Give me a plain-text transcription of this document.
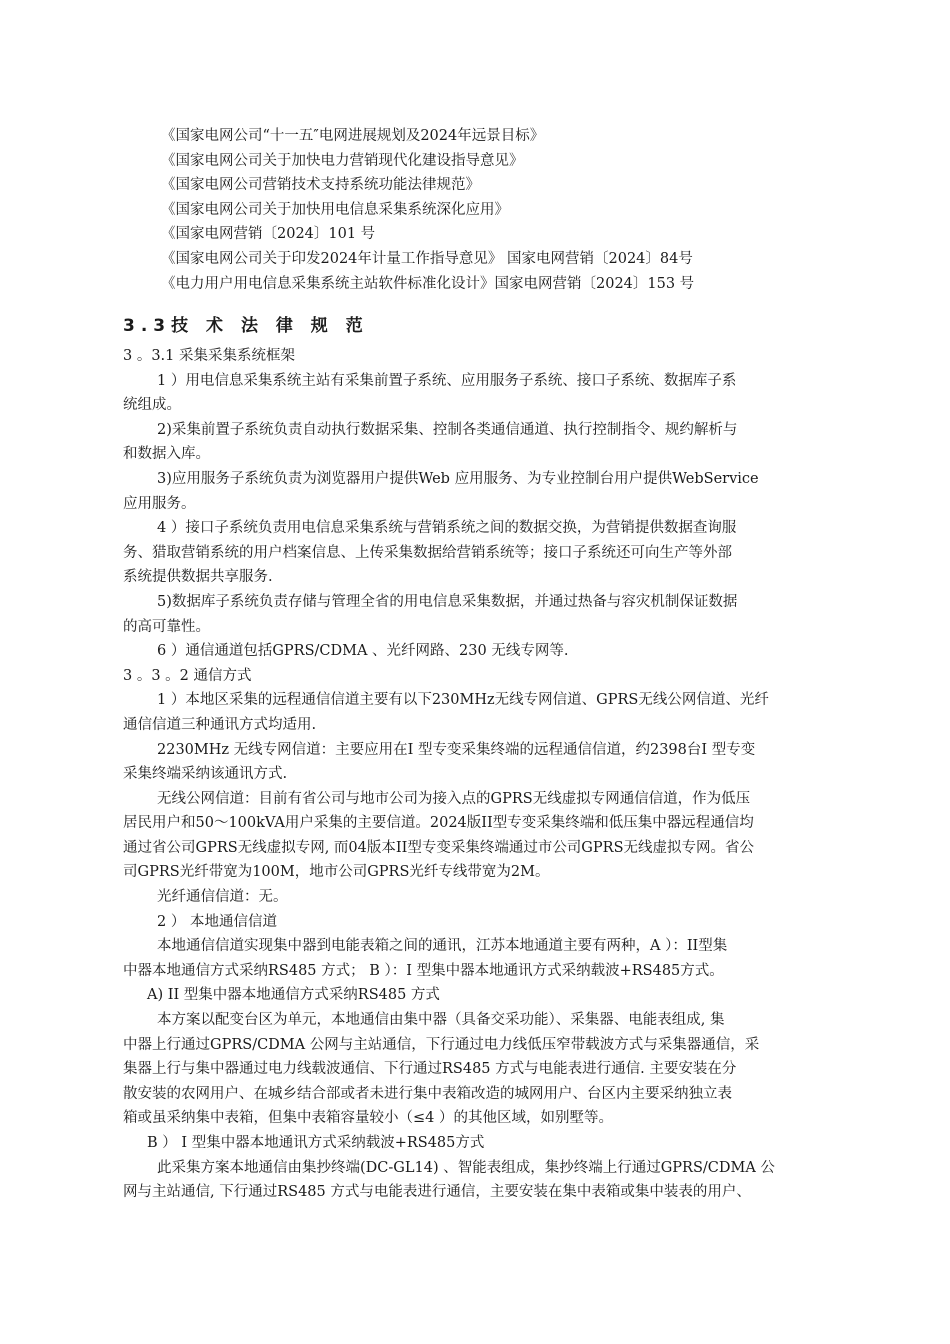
《国家电网公司“十一五″电网进展规划及2024年远景目标》
《国家电网公司关于加快电力营销现代化建设指导意见》
《国家电网公司营销技术支持系统功能法律规范》
《国家电网公司关于加快用电信息采集系统深化应用》
《国家电网营销〔2024〕101 号
《国家电网公司关于印发2024年计量工作指导意见》 国家电网营销〔2024〕84号
《电力用户用电信息采集系统主站软件标准化设计》国家电网营销〔2024〕153 号
3.3技 术 法 律 规 范
3 。3.1 采集采集系统框架
1 ）用电信息采集系统主站有采集前置子系统、应用服务子系统、接口子系统、数据库子系
统组成。
2)采集前置子系统负责自动执行数据采集、控制各类通信通道、执行控制指令、规约解析与
和数据入库。
3)应用服务子系统负责为浏览器用户提供Web 应用服务、为专业控制台用户提供WebService
应用服务。
4 ）接口子系统负责用电信息采集系统与营销系统之间的数据交换，为营销提供数据查询服
务、猎取营销系统的用户档案信息、上传采集数据给营销系统等；接口子系统还可向生产等外部
系统提供数据共享服务.
5)数据库子系统负责存储与管理全省的用电信息采集数据，并通过热备与容灾机制保证数据
的高可靠性。
6 ）通信通道包括GPRS/CDMA 、光纤网路、230 无线专网等.
3 。3 。2 通信方式
1 ）本地区采集的远程通信信道主要有以下230MHz无线专网信道、GPRS无线公网信道、光纤
通信信道三种通讯方式均适用.
2230MHz 无线专网信道：主要应用在I 型专变采集终端的远程通信信道，约2398台I 型专变
采集终端采纳该通讯方式.
无线公网信道：目前有省公司与地市公司为接入点的GPRS无线虚拟专网通信信道，作为低压
居民用户和50～100kVA用户采集的主要信道。2024版II型专变采集终端和低压集中器远程通信均
通过省公司GPRS无线虚拟专网, 而04版本II型专变采集终端通过市公司GPRS无线虚拟专网。省公
司GPRS光纤带宽为100M，地市公司GPRS光纤专线带宽为2M。
光纤通信信道：无。
2 ） 本地通信信道
本地通信信道实现集中器到电能表箱之间的通讯，江苏本地通道主要有两种，A ）：II型集
中器本地通信方式采纳RS485 方式； B ）：I 型集中器本地通讯方式采纳载波+RS485方式。
A) II 型集中器本地通信方式采纳RS485 方式
本方案以配变台区为单元，本地通信由集中器（具备交采功能）、采集器、电能表组成, 集
中器上行通过GPRS/CDMA 公网与主站通信，下行通过电力线低压窄带载波方式与采集器通信，采
集器上行与集中器通过电力线载波通信、下行通过RS485 方式与电能表进行通信. 主要安装在分
散安装的农网用户、在城乡结合部或者未进行集中表箱改造的城网用户、台区内主要采纳独立表
箱或虽采纳集中表箱，但集中表箱容量较小（≤4 ）的其他区域，如别墅等。
B ） I 型集中器本地通讯方式采纳载波+RS485方式
此采集方案本地通信由集抄终端(DC-GL14) 、智能表组成，集抄终端上行通过GPRS/CDMA 公
网与主站通信, 下行通过RS485 方式与电能表进行通信，主要安装在集中表箱或集中装表的用户、
